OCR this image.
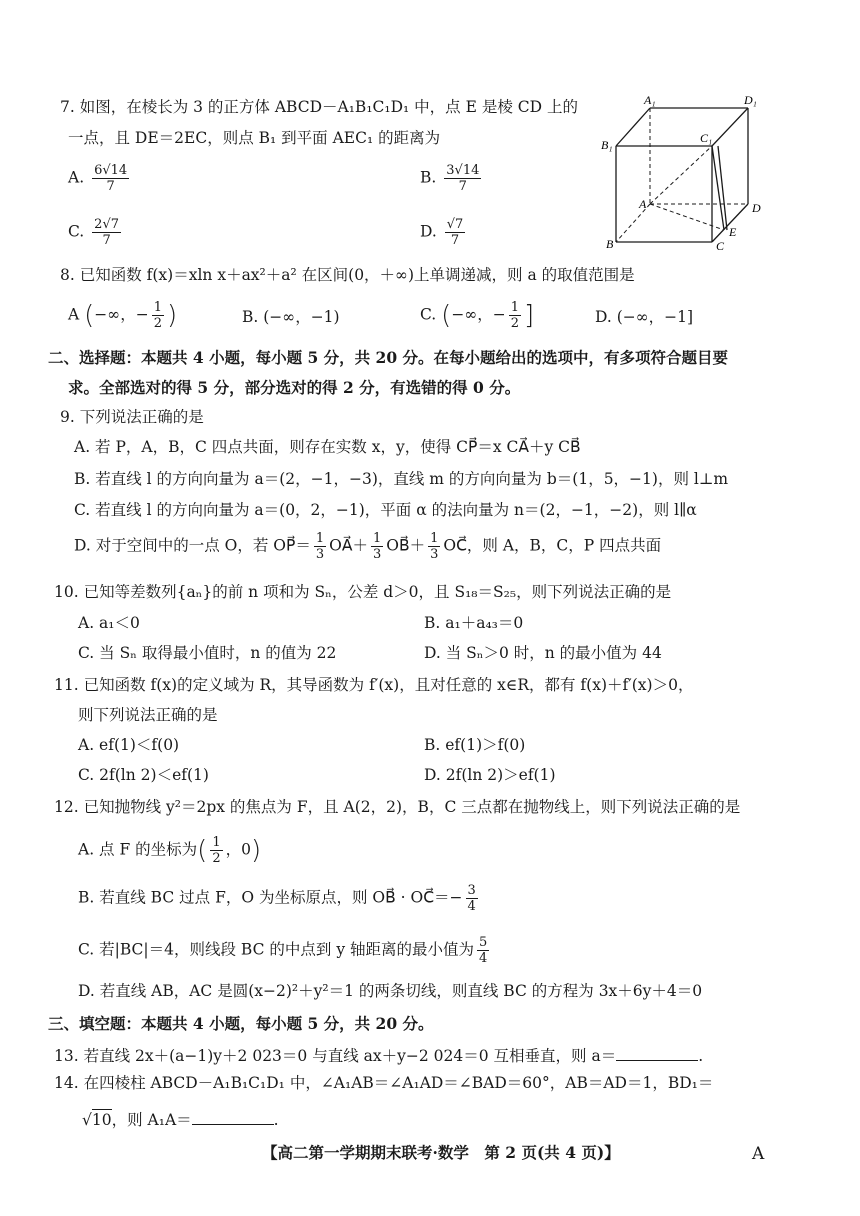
7. 如图，在棱长为 3 的正方体 ABCD－A₁B₁C₁D₁ 中，点 E 是棱 CD 上的
一点，且 DE＝2EC，则点 B₁ 到平面 AEC₁ 的距离为
A. $\frac{6√14}{7}$	B. $\frac{3√14}{7}$
C. $\frac{2√7}{7}$	D. $\frac{√7}{7}$
A₁	D₁
B₁	C₁
A	D
B	C
E
8. 已知函数 f(x)＝xln x＋ax²＋a² 在区间(0，＋∞)上单调递减，则 a 的取值范围是
A (−∞，− $\frac{1}{2}$ )	B. (−∞，−1)	C. (−∞，− $\frac{1}{2}$ ]	D. (−∞，−1]
二、选择题：本题共 4 小题，每小题 5 分，共 20 分。在每小题给出的选项中，有多项符合题目要
求。全部选对的得 5 分，部分选对的得 2 分，有选错的得 0 分。
9. 下列说法正确的是
A. 若 P，A，B，C 四点共面，则存在实数 x，y，使得 CP⃗＝x CA⃗＋y CB⃗
B. 若直线 l 的方向向量为 a＝(2，−1，−3)，直线 m 的方向向量为 b＝(1，5，−1)，则 l⊥m
C. 若直线 l 的方向向量为 a＝(0，2，−1)，平面 α 的法向量为 n＝(2，−1，−2)，则 l∥α
D. 对于空间中的一点 O，若 OP⃗＝ $\frac{1}{3}$ OA⃗＋ $\frac{1}{3}$ OB⃗＋ $\frac{1}{3}$ OC⃗，则 A，B，C，P 四点共面
10. 已知等差数列{aₙ}的前 n 项和为 Sₙ，公差 d＞0，且 S₁₈＝S₂₅，则下列说法正确的是
A. a₁＜0	B. a₁＋a₄₃＝0
C. 当 Sₙ 取得最小值时，n 的值为 22	D. 当 Sₙ＞0 时，n 的最小值为 44
11. 已知函数 f(x)的定义域为 R，其导函数为 f′(x)，且对任意的 x∈R，都有 f(x)＋f′(x)＞0，
则下列说法正确的是
A. ef(1)＜f(0)	B. ef(1)＞f(0)
C. 2f(ln 2)＜ef(1)	D. 2f(ln 2)＞ef(1)
12. 已知抛物线 y²＝2px 的焦点为 F，且 A(2，2)，B，C 三点都在抛物线上，则下列说法正确的是
A. 点 F 的坐标为( $\frac{1}{2}$ ，0)
B. 若直线 BC 过点 F，O 为坐标原点，则 OB⃗ · OC⃗＝− $\frac{3}{4}$
C. 若|BC|＝4，则线段 BC 的中点到 y 轴距离的最小值为 $\frac{5}{4}$
D. 若直线 AB，AC 是圆(x−2)²＋y²＝1 的两条切线，则直线 BC 的方程为 3x＋6y＋4＝0
三、填空题：本题共 4 小题，每小题 5 分，共 20 分。
13. 若直线 2x＋(a−1)y＋2 023＝0 与直线 ax＋y−2 024＝0 互相垂直，则 a＝	.
14. 在四棱柱 ABCD－A₁B₁C₁D₁ 中，∠A₁AB＝∠A₁AD＝∠BAD＝60°，AB＝AD＝1，BD₁＝
√10，则 A₁A＝	.
【高二第一学期期末联考·数学　第 2 页(共 4 页)】	A
